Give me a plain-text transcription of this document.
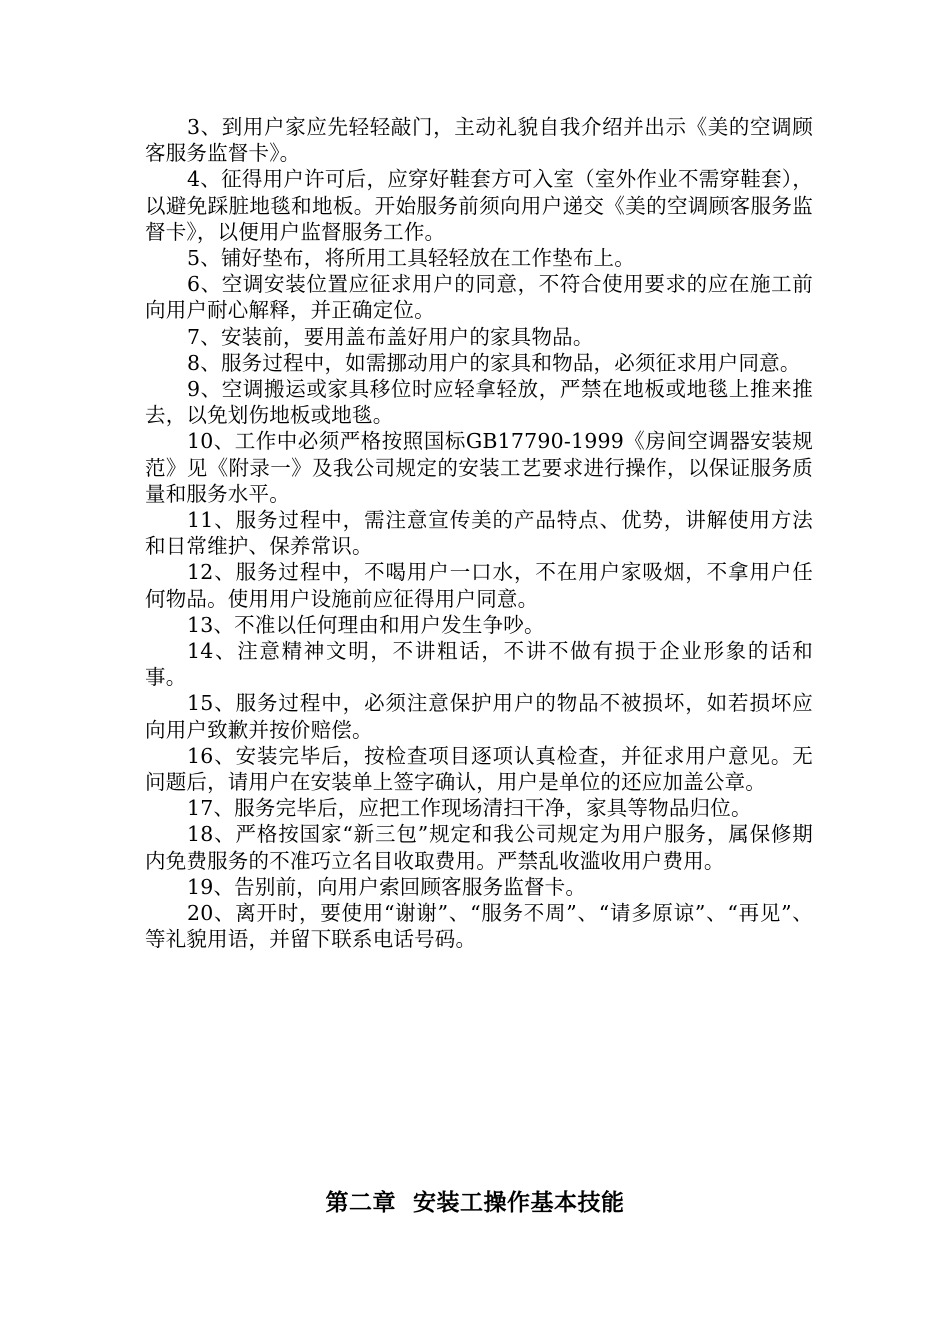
3、到用户家应先轻轻敲门，主动礼貌自我介绍并出示《美的空调顾客服务监督卡》。

4、征得用户许可后，应穿好鞋套方可入室（室外作业不需穿鞋套），以避免踩脏地毯和地板。开始服务前须向用户递交《美的空调顾客服务监督卡》，以便用户监督服务工作。

5、铺好垫布，将所用工具轻轻放在工作垫布上。

6、空调安装位置应征求用户的同意，不符合使用要求的应在施工前向用户耐心解释，并正确定位。

7、安装前，要用盖布盖好用户的家具物品。

8、服务过程中，如需挪动用户的家具和物品，必须征求用户同意。

9、空调搬运或家具移位时应轻拿轻放，严禁在地板或地毯上推来推去，以免划伤地板或地毯。

10、工作中必须严格按照国标GB17790-1999《房间空调器安装规范》见《附录一》及我公司规定的安装工艺要求进行操作，以保证服务质量和服务水平。

11、服务过程中，需注意宣传美的产品特点、优势，讲解使用方法和日常维护、保养常识。

12、服务过程中，不喝用户一口水，不在用户家吸烟，不拿用户任何物品。使用用户设施前应征得用户同意。

13、不准以任何理由和用户发生争吵。

14、注意精神文明，不讲粗话，不讲不做有损于企业形象的话和事。

15、服务过程中，必须注意保护用户的物品不被损坏，如若损坏应向用户致歉并按价赔偿。

16、安装完毕后，按检查项目逐项认真检查，并征求用户意见。无问题后，请用户在安装单上签字确认，用户是单位的还应加盖公章。

17、服务完毕后，应把工作现场清扫干净，家具等物品归位。

18、严格按国家“新三包”规定和我公司规定为用户服务，属保修期内免费服务的不准巧立名目收取费用。严禁乱收滥收用户费用。

19、告别前，向用户索回顾客服务监督卡。

20、离开时，要使用“谢谢”、“服务不周”、“请多原谅”、“再见”、等礼貌用语，并留下联系电话号码。

第二章  安装工操作基本技能
